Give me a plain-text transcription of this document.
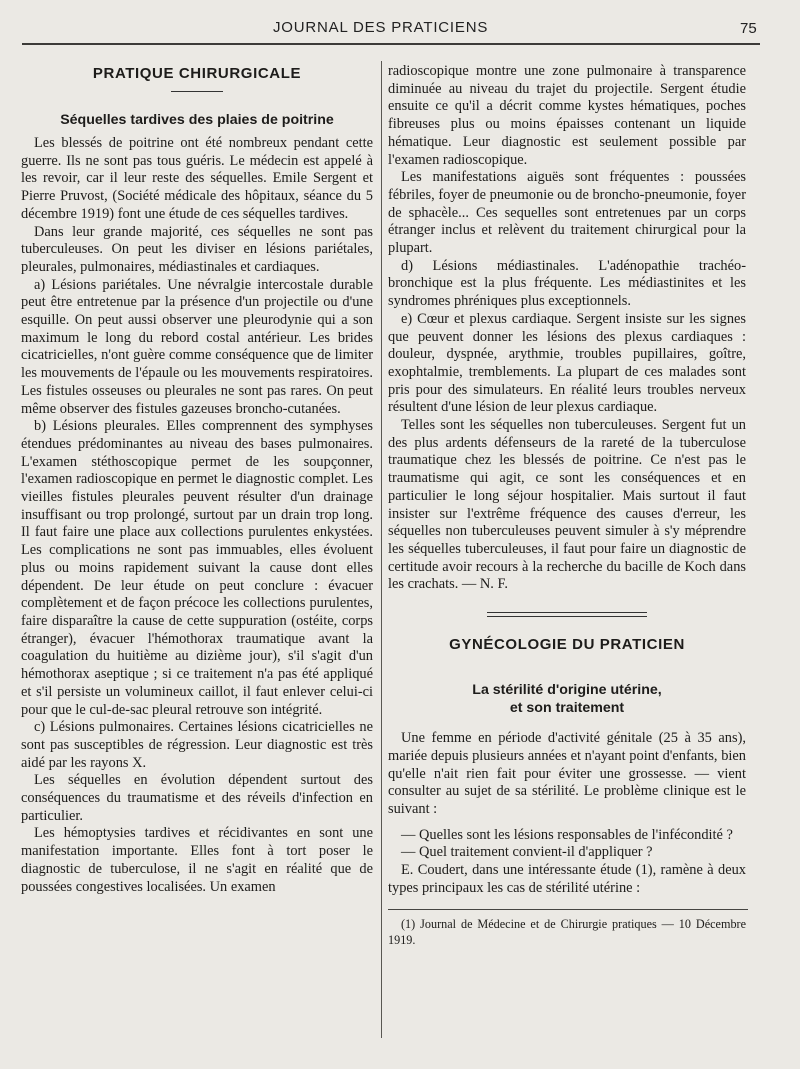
JOURNAL DES PRATICIENS	75
PRATIQUE CHIRURGICALE
Séquelles tardives des plaies de poitrine

Les blessés de poitrine ont été nombreux pendant cette guerre. Ils ne sont pas tous guéris. Le médecin est appelé à les revoir, car il leur reste des séquelles. Emile Sergent et Pierre Pruvost, (Société médicale des hôpitaux, séance du 5 décembre 1919) font une étude de ces séquelles tardives.

Dans leur grande majorité, ces séquelles ne sont pas tuberculeuses. On peut les diviser en lésions pariétales, pleurales, pulmonaires, médiastinales et cardiaques.

a) Lésions pariétales. Une névralgie intercostale durable peut être entretenue par la présence d'un projectile ou d'une esquille. On peut aussi observer une pleurodynie qui a son maximum le long du rebord costal antérieur. Les brides cicatricielles, n'ont guère comme conséquence que de limiter les mouvements de l'épaule ou les mouvements respiratoires. Les fistules osseuses ou pleurales ne sont pas rares. On peut même observer des fistules gazeuses broncho-cutanées.

b) Lésions pleurales. Elles comprennent des symphyses étendues prédominantes au niveau des bases pulmonaires. L'examen stéthoscopique permet de les soupçonner, l'examen radioscopique en permet le diagnostic complet. Les vieilles fistules pleurales peuvent résulter d'un drainage insuffisant ou trop prolongé, surtout par un drain trop long. Il faut faire une place aux collections purulentes enkystées. Les complications ne sont pas immuables, elles évoluent plus ou moins rapidement suivant la cause dont elles dépendent. De leur étude on peut conclure : évacuer complètement et de façon précoce les collections purulentes, faire disparaître la cause de cette suppuration (ostéite, corps étranger), évacuer l'hémothorax traumatique avant la coagulation du huitième au dizième jour), s'il s'agit d'un hémothorax aseptique ; si ce traitement n'a pas été appliqué et s'il persiste un volumineux caillot, il faut enlever celui-ci pour que le cul-de-sac pleural retrouve son intégrité.

c) Lésions pulmonaires. Certaines lésions cicatricielles ne sont pas susceptibles de régression. Leur diagnostic est très aidé par les rayons X.

Les séquelles en évolution dépendent surtout des conséquences du traumatisme et des réveils d'infection en particulier.

Les hémoptysies tardives et récidivantes en sont une manifestation importante. Elles font à tort poser le diagnostic de tuberculose, il ne s'agit en réalité que de poussées congestives localisées. Un examen

radioscopique montre une zone pulmonaire à transparence diminuée au niveau du trajet du projectile. Sergent étudie ensuite ce qu'il a décrit comme kystes hématiques, poches fibreuses plus ou moins épaisses contenant un liquide hématique. Leur diagnostic est seulement possible par l'examen radioscopique.

Les manifestations aiguës sont fréquentes : poussées fébriles, foyer de pneumonie ou de broncho-pneumonie, foyer de sphacèle... Ces sequelles sont entretenues par un corps étranger inclus et relèvent du traitement chirurgical pour la plupart.

d) Lésions médiastinales. L'adénopathie trachéo-bronchique est la plus fréquente. Les médiastinites et les syndromes phréniques plus exceptionnels.

e) Cœur et plexus cardiaque. Sergent insiste sur les signes que peuvent donner les lésions des plexus cardiaques : douleur, dyspnée, arythmie, troubles pupillaires, goître, exophtalmie, tremblements. La plupart de ces malades sont pris pour des simulateurs. En réalité leurs troubles nerveux résultent d'une lésion de leur plexus cardiaque.

Telles sont les séquelles non tuberculeuses. Sergent fut un des plus ardents défenseurs de la rareté de la tuberculose traumatique chez les blessés de poitrine. Ce n'est pas le traumatisme qui agit, ce sont les conséquences et en particulier le long séjour hospitalier. Mais surtout il faut insister sur l'extrême fréquence des causes d'erreur, les séquelles non tuberculeuses peuvent simuler à s'y méprendre les séquelles tuberculeuses, il faut pour faire un diagnostic de certitude avoir recours à la recherche du bacille de Koch dans les crachats. — N. F.

GYNÉCOLOGIE DU PRATICIEN
La stérilité d'origine utérine,
et son traitement

Une femme en période d'activité génitale (25 à 35 ans), mariée depuis plusieurs années et n'ayant point d'enfants, bien qu'elle n'ait rien fait pour éviter une grossesse. — vient consulter au sujet de sa stérilité. Le problème clinique est le suivant :

— Quelles sont les lésions responsables de l'infécondité ?

— Quel traitement convient-il d'appliquer ?

E. Coudert, dans une intéressante étude (1), ramène à deux types principaux les cas de stérilité utérine :

(1) Journal de Médecine et de Chirurgie pratiques — 10 Décembre 1919.
